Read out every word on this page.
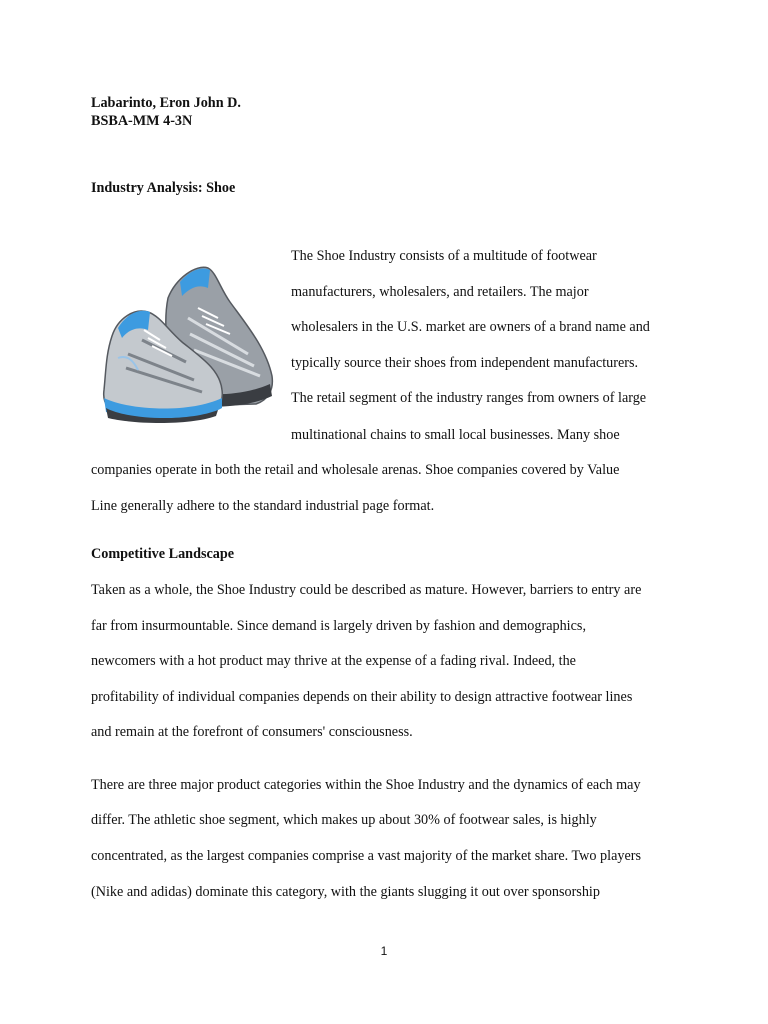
Labarinto, Eron John D.

BSBA-MM 4-3N

Industry Analysis: Shoe

The Shoe Industry consists of a multitude of footwear

manufacturers, wholesalers, and retailers. The major

wholesalers in the U.S. market are owners of a brand name and

typically source their shoes from independent manufacturers.

The retail segment of the industry ranges from owners of large

multinational chains to small local businesses. Many shoe

companies operate in both the retail and wholesale arenas. Shoe companies covered by Value

Line generally adhere to the standard industrial page format.

Competitive Landscape

Taken as a whole, the Shoe Industry could be described as mature. However, barriers to entry are

far from insurmountable. Since demand is largely driven by fashion and demographics,

newcomers with a hot product may thrive at the expense of a fading rival. Indeed, the

profitability of individual companies depends on their ability to design attractive footwear lines

and remain at the forefront of consumers' consciousness.

There are three major product categories within the Shoe Industry and the dynamics of each may

differ. The athletic shoe segment, which makes up about 30% of footwear sales, is highly

concentrated, as the largest companies comprise a vast majority of the market share. Two players

(Nike and adidas) dominate this category, with the giants slugging it out over sponsorship

1
